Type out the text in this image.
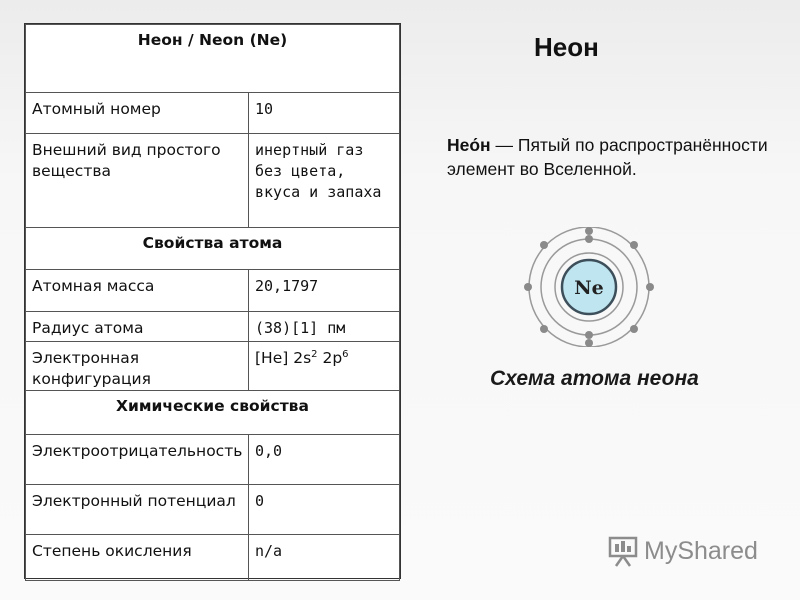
Неон / Neon (Ne)	
Атомный номер	10
Внешний вид простого вещества	инертный газ без цвета, вкуса и запаха
Свойства атома	
Атомная масса	20,1797
Радиус атома	(38)[1] пм
Электронная конфигурация	[He] $2s^2$ $2p^6$
Химические свойства	
Электроотрицательность	0,0
Электронный потенциал	0
Степень окисления	n/a
Неон
Нео́н — Пятый по распространённости элемент во Вселенной.
Ne
Схема атома неона
MyShared
